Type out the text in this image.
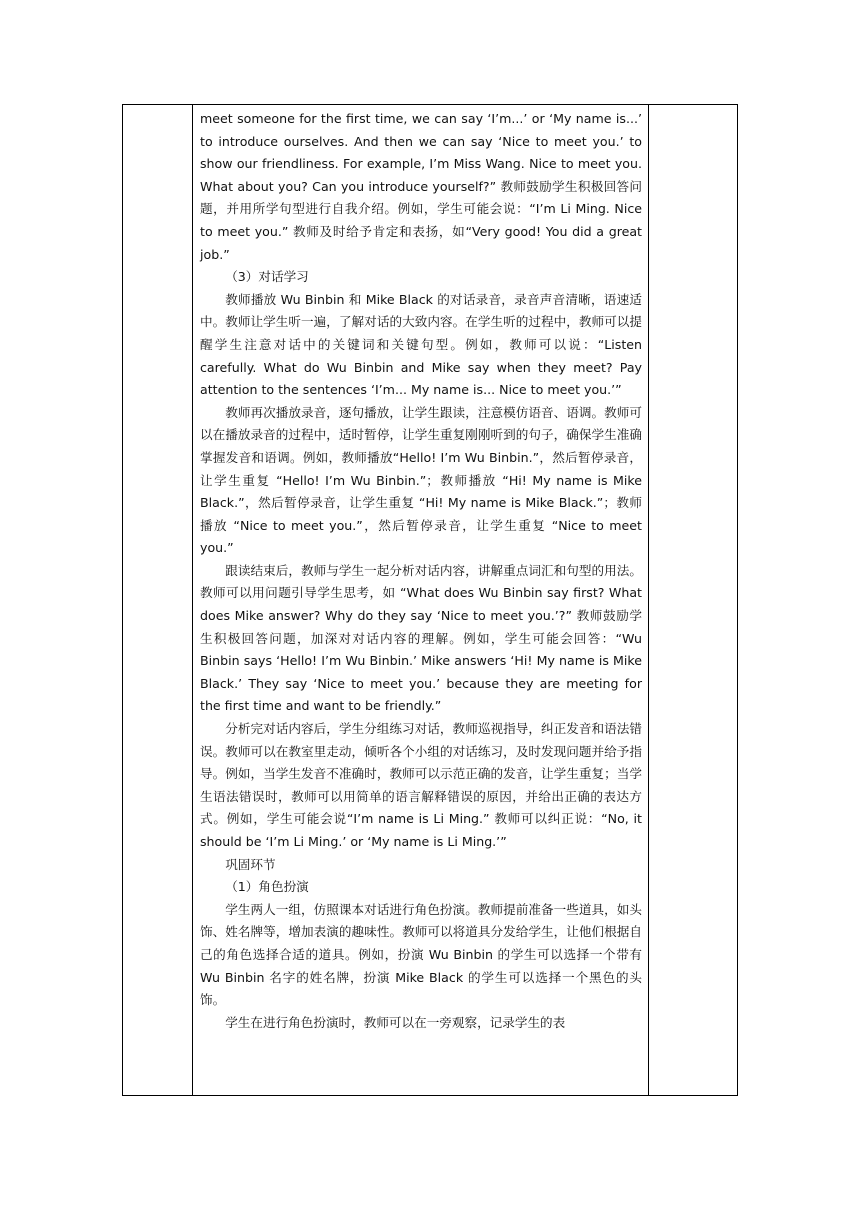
meet someone for the first time, we can say ‘I’m...’ or ‘My name is...’ to introduce ourselves. And then we can say ‘Nice to meet you.’ to show our friendliness. For example, I’m Miss Wang. Nice to meet you. What about you? Can you introduce yourself?” 教师鼓励学生积极回答问题，并用所学句型进行自我介绍。例如，学生可能会说：“I’m Li Ming. Nice to meet you.” 教师及时给予肯定和表扬，如“Very good! You did a great job.”

（3）对话学习

教师播放 Wu Binbin 和 Mike Black 的对话录音，录音声音清晰，语速适中。教师让学生听一遍，了解对话的大致内容。在学生听的过程中，教师可以提醒学生注意对话中的关键词和关键句型。例如，教师可以说：“Listen carefully. What do Wu Binbin and Mike say when they meet? Pay attention to the sentences ‘I’m... My name is... Nice to meet you.’”

教师再次播放录音，逐句播放，让学生跟读，注意模仿语音、语调。教师可以在播放录音的过程中，适时暂停，让学生重复刚刚听到的句子，确保学生准确掌握发音和语调。例如，教师播放“Hello! I’m Wu Binbin.”，然后暂停录音，让学生重复 “Hello! I’m Wu Binbin.”；教师播放 “Hi! My name is Mike Black.”，然后暂停录音，让学生重复 “Hi! My name is Mike Black.”；教师播放 “Nice to meet you.”，然后暂停录音，让学生重复 “Nice to meet you.”

跟读结束后，教师与学生一起分析对话内容，讲解重点词汇和句型的用法。教师可以用问题引导学生思考，如 “What does Wu Binbin say first? What does Mike answer? Why do they say ‘Nice to meet you.’?” 教师鼓励学生积极回答问题，加深对对话内容的理解。例如，学生可能会回答：“Wu Binbin says ‘Hello! I’m Wu Binbin.’ Mike answers ‘Hi! My name is Mike Black.’ They say ‘Nice to meet you.’ because they are meeting for the first time and want to be friendly.”

分析完对话内容后，学生分组练习对话，教师巡视指导，纠正发音和语法错误。教师可以在教室里走动，倾听各个小组的对话练习，及时发现问题并给予指导。例如，当学生发音不准确时，教师可以示范正确的发音，让学生重复；当学生语法错误时，教师可以用简单的语言解释错误的原因，并给出正确的表达方式。例如，学生可能会说“I’m name is Li Ming.” 教师可以纠正说：“No, it should be ‘I’m Li Ming.’ or ‘My name is Li Ming.’”

巩固环节

（1）角色扮演

学生两人一组，仿照课本对话进行角色扮演。教师提前准备一些道具，如头饰、姓名牌等，增加表演的趣味性。教师可以将道具分发给学生，让他们根据自己的角色选择合适的道具。例如，扮演 Wu Binbin 的学生可以选择一个带有 Wu Binbin 名字的姓名牌，扮演 Mike Black 的学生可以选择一个黑色的头饰。

学生在进行角色扮演时，教师可以在一旁观察，记录学生的表
